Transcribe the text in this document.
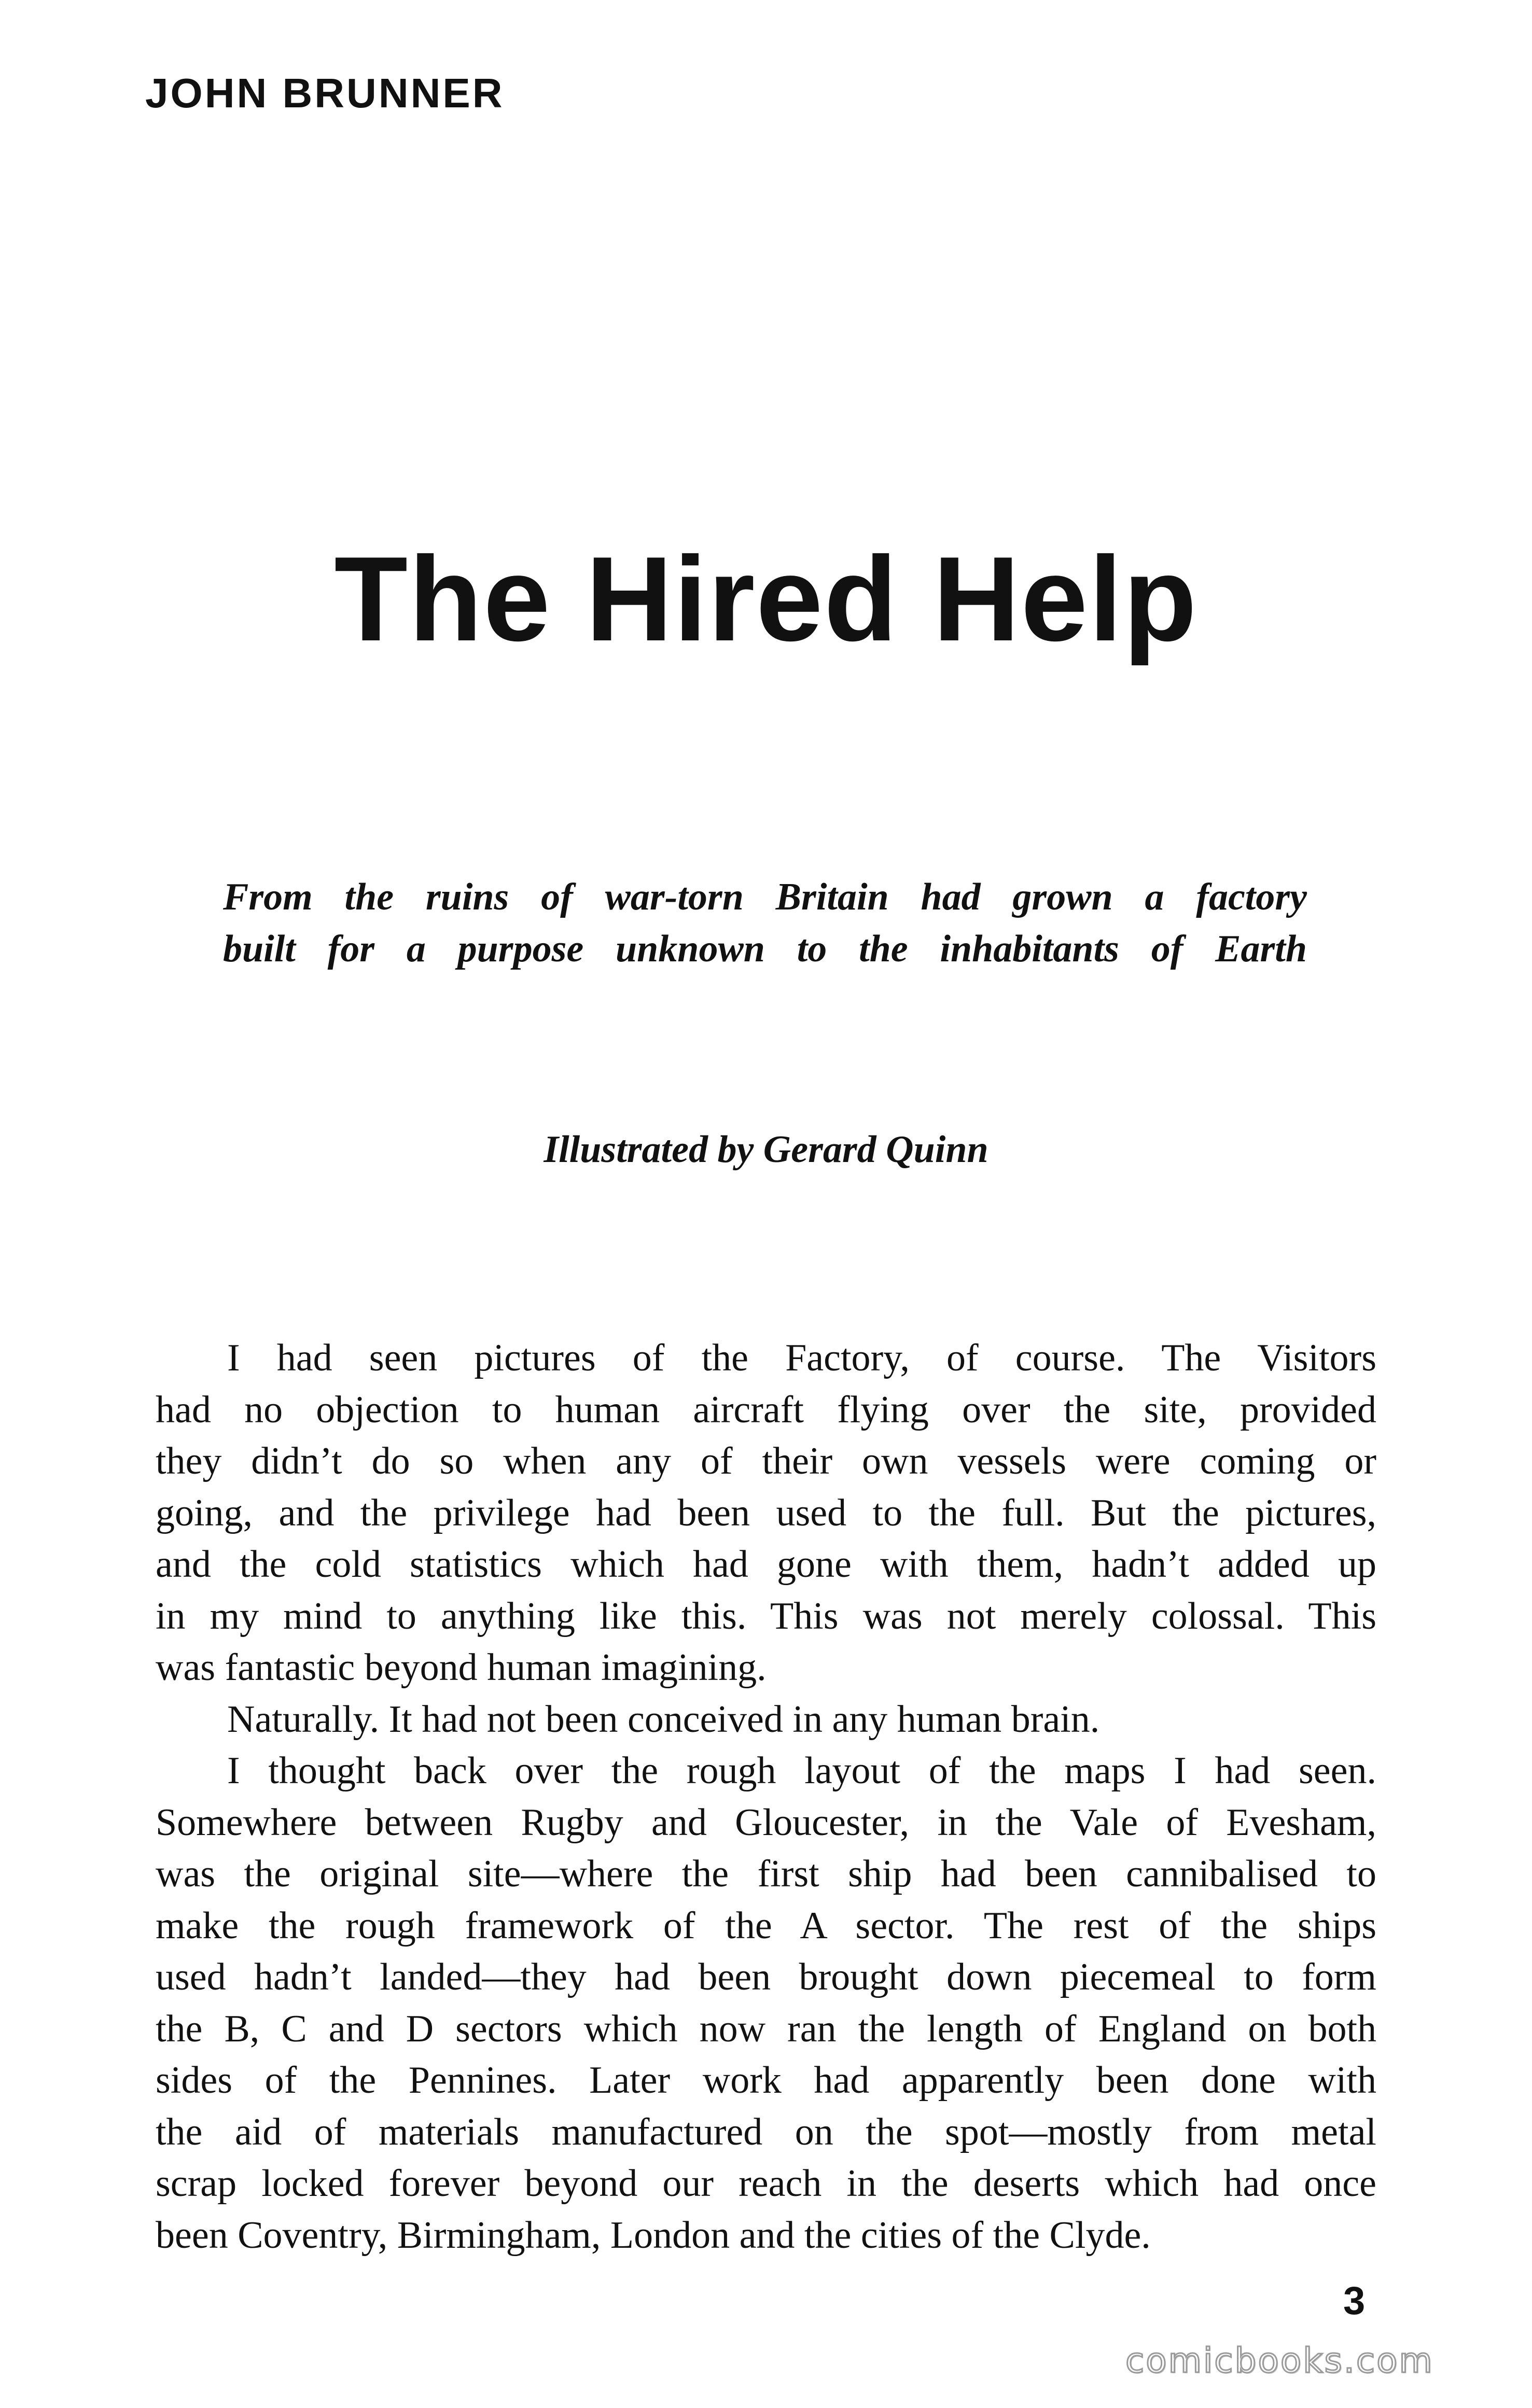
JOHN BRUNNER
The Hired Help
From the ruins of war-torn Britain had grown a factory
built for a purpose unknown to the inhabitants of Earth
Illustrated by Gerard Quinn
I had seen pictures of the Factory, of course. The Visitors
had no objection to human aircraft flying over the site, provided
they didn’t do so when any of their own vessels were coming or
going, and the privilege had been used to the full. But the pictures,
and the cold statistics which had gone with them, hadn’t added up
in my mind to anything like this. This was not merely colossal. This
was fantastic beyond human imagining.
Naturally. It had not been conceived in any human brain.
I thought back over the rough layout of the maps I had seen.
Somewhere between Rugby and Gloucester, in the Vale of Evesham,
was the original site—where the first ship had been cannibalised to
make the rough framework of the A sector. The rest of the ships
used hadn’t landed—they had been brought down piecemeal to form
the B, C and D sectors which now ran the length of England on both
sides of the Pennines. Later work had apparently been done with
the aid of materials manufactured on the spot—mostly from metal
scrap locked forever beyond our reach in the deserts which had once
been Coventry, Birmingham, London and the cities of the Clyde.
3
comicbooks.com
